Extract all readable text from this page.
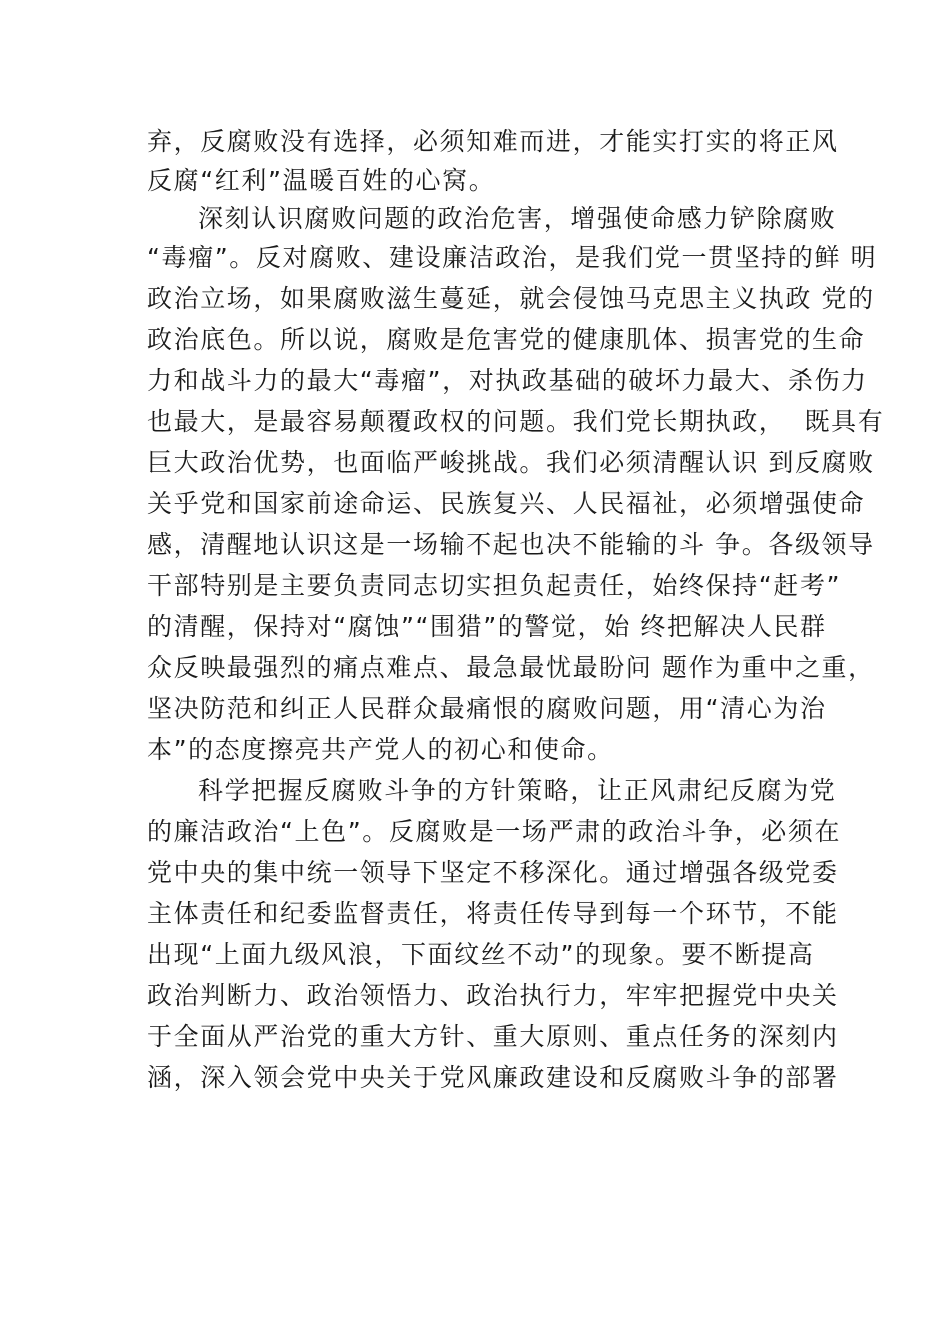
弃，反腐败没有选择，必须知难而进，才能实打实的将正风
反腐“红利”温暖百姓的心窝。
深刻认识腐败问题的政治危害，增强使命感力铲除腐败
“毒瘤”。反对腐败、建设廉洁政治，是我们党一贯坚持的鲜 明
政治立场，如果腐败滋生蔓延，就会侵蚀马克思主义执政 党的
政治底色。所以说，腐败是危害党的健康肌体、损害党的生命
力和战斗力的最大“毒瘤”，对执政基础的破坏力最大、杀伤力
也最大，是最容易颠覆政权的问题。我们党长期执政，  既具有
巨大政治优势，也面临严峻挑战。我们必须清醒认识 到反腐败
关乎党和国家前途命运、民族复兴、人民福祉，必须增强使命
感，清醒地认识这是一场输不起也决不能输的斗 争。各级领导
干部特别是主要负责同志切实担负起责任，始终保持“赶考”
的清醒，保持对“腐蚀”“围猎”的警觉，始 终把解决人民群
众反映最强烈的痛点难点、最急最忧最盼问 题作为重中之重，
坚决防范和纠正人民群众最痛恨的腐败问题，用“清心为治
本”的态度擦亮共产党人的初心和使命。
科学把握反腐败斗争的方针策略，让正风肃纪反腐为党
的廉洁政治“上色”。反腐败是一场严肃的政治斗争，必须在
党中央的集中统一领导下坚定不移深化。通过增强各级党委
主体责任和纪委监督责任，将责任传导到每一个环节，不能
出现“上面九级风浪，下面纹丝不动”的现象。要不断提高
政治判断力、政治领悟力、政治执行力，牢牢把握党中央关
于全面从严治党的重大方针、重大原则、重点任务的深刻内
涵，深入领会党中央关于党风廉政建设和反腐败斗争的部署
